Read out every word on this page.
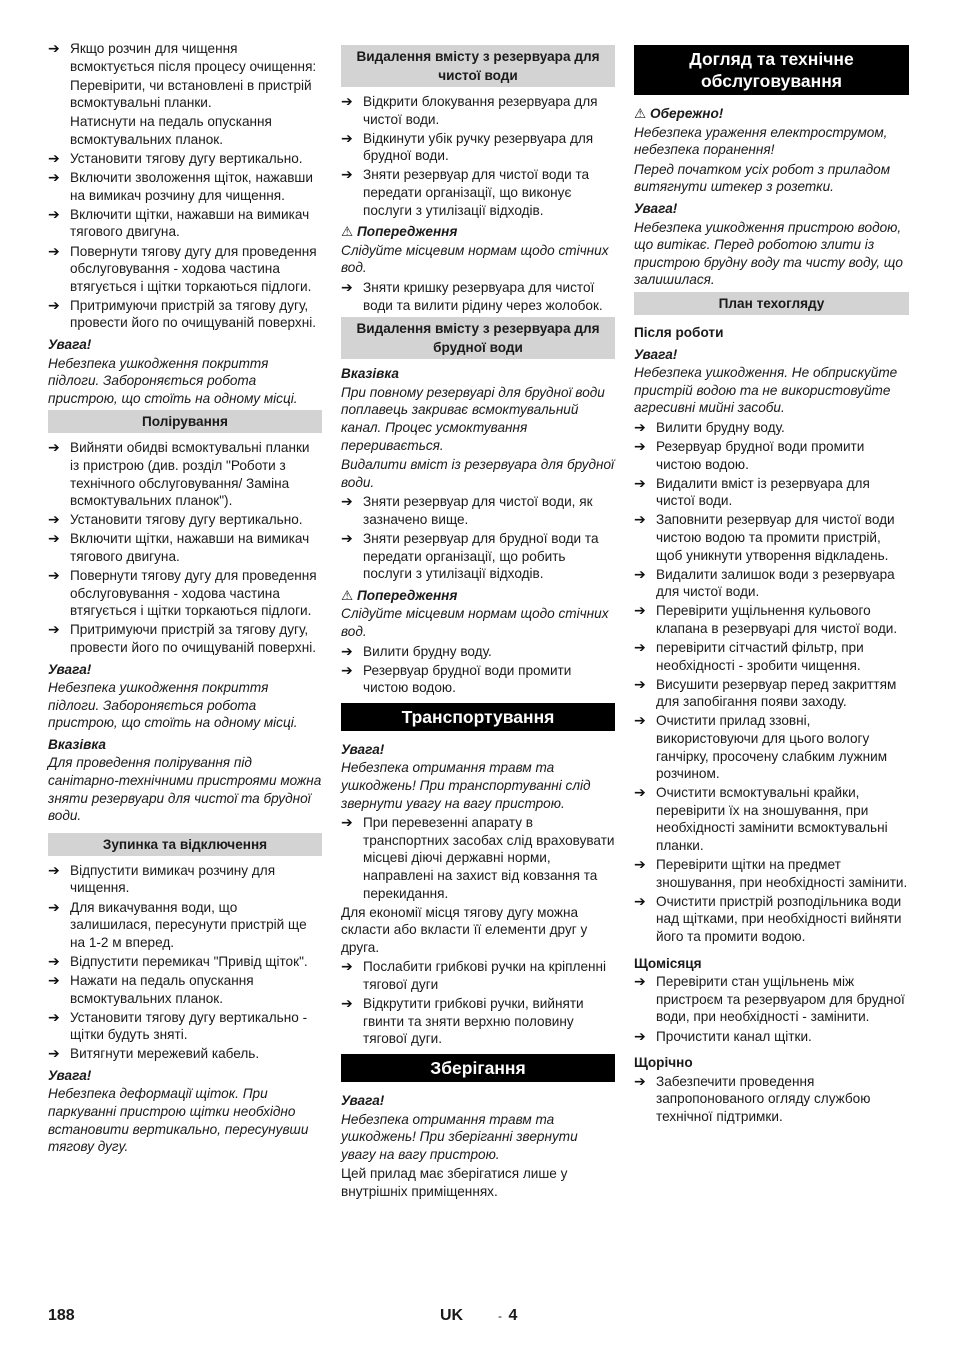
➔ Якщо розчин для чищення всмоктується після процесу очищення:
Перевірити, чи встановлені в пристрій всмоктувальні планки.
Натиснути на педаль опускання всмоктувальних планок.
➔ Установити тягову дугу вертикально.
➔ Включити зволоження щіток, нажавши на вимикач розчину для чищення.
➔ Включити щітки, нажавши на вимикач тягового двигуна.
➔ Повернути тягову дугу для проведення обслуговування - ходова частина втягується і щітки торкаються підлоги.
➔ Притримуючи пристрій за тягову дугу, провести його по очищуваній поверхні.
Увага!
Небезпека ушкодження покриття підлоги. Забороняється робота пристрою, що стоїть на одному місці.
Полірування
➔ Вийняти обидві всмоктувальні планки із пристрою (див. розділ "Роботи з технічного обслуговування/ Заміна всмоктувальних планок").
➔ Установити тягову дугу вертикально.
➔ Включити щітки, нажавши на вимикач тягового двигуна.
➔ Повернути тягову дугу для проведення обслуговування - ходова частина втягується і щітки торкаються підлоги.
➔ Притримуючи пристрій за тягову дугу, провести його по очищуваній поверхні.
Увага!
Небезпека ушкодження покриття підлоги. Забороняється робота пристрою, що стоїть на одному місці.
Вказівка
Для проведення полірування під санітарно-технічними пристроями можна зняти резервуари для чистої та брудної води.
Зупинка та відключення
➔ Відпустити вимикач розчину для чищення.
➔ Для викачування води, що залишилася, пересунути пристрій ще на 1-2 м вперед.
➔ Відпустити перемикач "Привід щіток".
➔ Нажати на педаль опускання всмоктувальних планок.
➔ Установити тягову дугу вертикально - щітки будуть зняті.
➔ Витягнути мережевий кабель.
Увага!
Небезпека деформації щіток. При паркуванні пристрою щітки необхідно встановити вертикально, пересунувши тягову дугу.
Видалення вмісту з резервуара для чистої води
➔ Відкрити блокування резервуара для чистої води.
➔ Відкинути убік ручку резервуара для брудної води.
➔ Зняти резервуар для чистої води та передати організації, що виконує послуги з утилізації відходів.
⚠ Попередження
Слідуйте місцевим нормам щодо стічних вод.
➔ Зняти кришку резервуара для чистої води та вилити рідину через жолобок.
Видалення вмісту з резервуара для брудної води
Вказівка
При повному резервуарі для брудної води поплавець закриває всмоктувальний канал. Процес усмоктування переривається.
Видалити вміст із резервуара для брудної води.
➔ Зняти резервуар для чистої води, як зазначено вище.
➔ Зняти резервуар для брудної води та передати організації, що робить послуги з утилізації відходів.
⚠ Попередження
Слідуйте місцевим нормам щодо стічних вод.
➔ Вилити брудну воду.
➔ Резервуар брудної води промити чистою водою.
Транспортування
Увага!
Небезпека отримання травм та ушкоджень! При транспортуванні слід звернути увагу на вагу пристрою.
➔ При перевезенні апарату в транспортних засобах слід враховувати місцеві діючі державні норми, направлені на захист від ковзання та перекидання.
Для економії місця тягову дугу можна скласти або вкласти її елементи друг у друга.
➔ Послабити грибкові ручки на кріпленні тягової дуги
➔ Відкрутити грибкові ручки, вийняти гвинти та зняти верхню половину тягової дуги.
Зберігання
Увага!
Небезпека отримання травм та ушкоджень! При зберіганні звернути увагу на вагу пристрою.
Цей прилад має зберігатися лише у внутрішніх приміщеннях.
Догляд та технічне обслуговування
⚠ Обережно!
Небезпека ураження електрострумом, небезпека поранення!
Перед початком усіх робот з приладом витягнути штекер з розетки.
Увага!
Небезпека ушкодження пристрою водою, що витікає. Перед роботою злити із пристрою брудну воду та чисту воду, що залишилася.
План техогляду
Після роботи
Увага!
Небезпека ушкодження. Не обприскуйте пристрій водою та не використовуйте агресивні мийні засоби.
➔ Вилити брудну воду.
➔ Резервуар брудної води промити чистою водою.
➔ Видалити вміст із резервуара для чистої води.
➔ Заповнити резервуар для чистої води чистою водою та промити пристрій, щоб уникнути утворення відкладень.
➔ Видалити залишок води з резервуара для чистої води.
➔ Перевірити ущільнення кульового клапана в резервуарі для чистої води.
➔ перевірити сітчастий фільтр, при необхідності - зробити чищення.
➔ Висушити резервуар перед закриттям для запобігання появи заходу.
➔ Очистити прилад ззовні, використовуючи для цього вологу ганчірку, просочену слабким лужним розчином.
➔ Очистити всмоктувальні крайки, перевірити їх на зношування, при необхідності замінити всмоктувальні планки.
➔ Перевірити щітки на предмет зношування, при необхідності замінити.
➔ Очистити пристрій розподільника води над щітками, при необхідності вийняти його та промити водою.
Щомісяця
➔ Перевірити стан ущільнень між пристроєм та резервуаром для брудної води, при необхідності - замінити.
➔ Прочистити канал щітки.
Щорічно
➔ Забезпечити проведення запропонованого огляду службою технічної підтримки.
188	UK	- 4
